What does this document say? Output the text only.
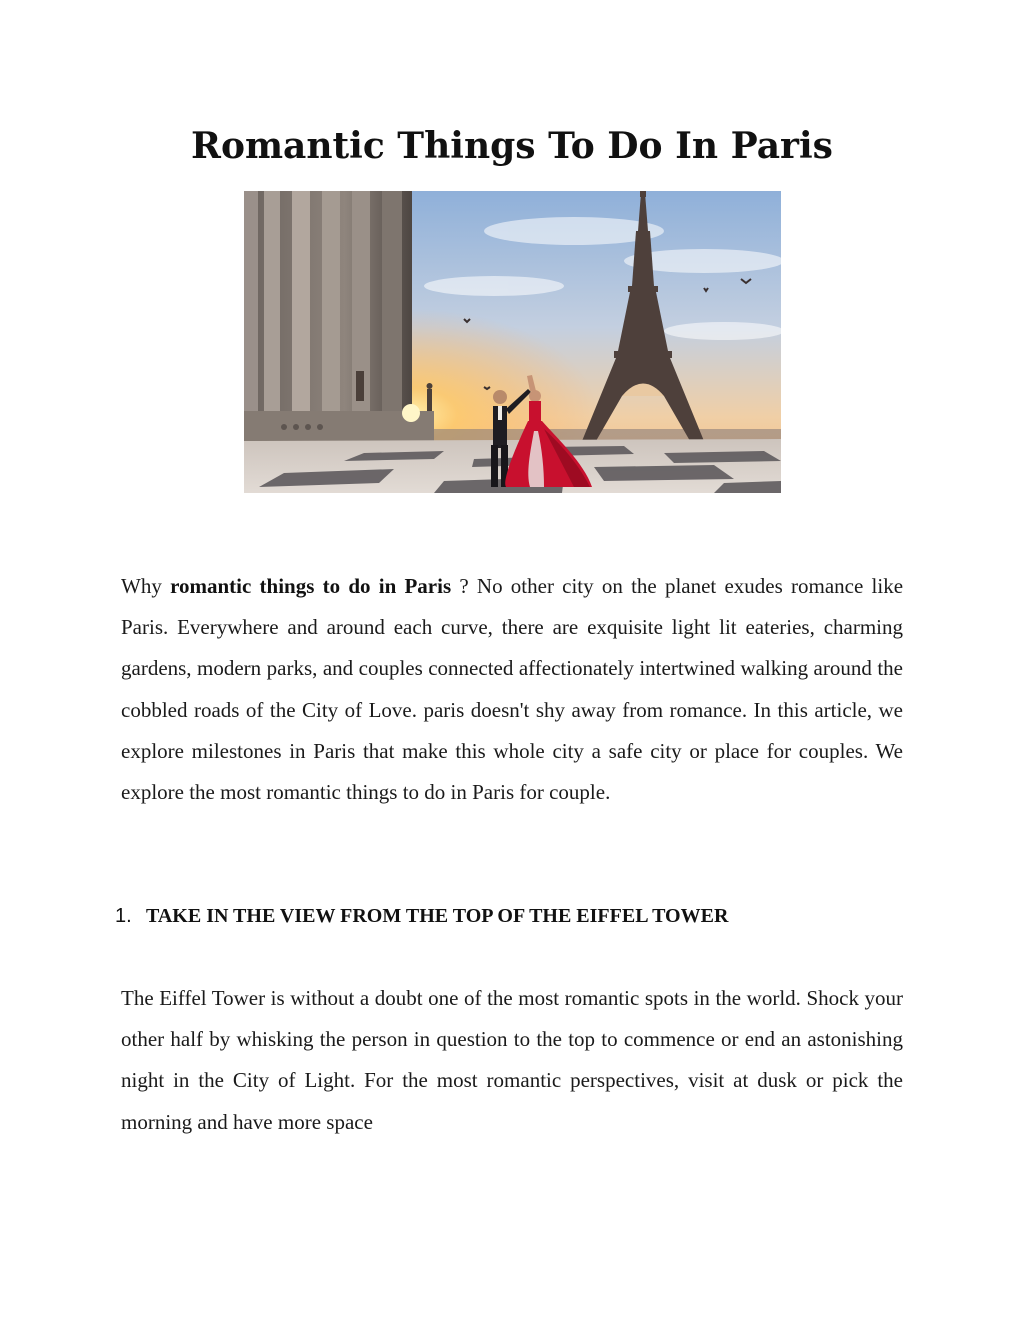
Romantic Things To Do In Paris

Why romantic things to do in Paris ? No other city on the planet exudes romance like Paris. Everywhere and around each curve, there are exquisite light lit eateries, charming gardens, modern parks, and couples connected affectionately intertwined walking around the cobbled roads of the City of Love. paris doesn't shy away from romance. In this article, we explore milestones in Paris that make this whole city a safe city or place for couples. We explore the most romantic things to do in Paris for couple.

1. TAKE IN THE VIEW FROM THE TOP OF THE EIFFEL TOWER

The Eiffel Tower is without a doubt one of the most romantic spots in the world. Shock your other half by whisking the person in question to the top to commence or end an astonishing night in the City of Light. For the most romantic perspectives, visit at dusk or pick the morning and have more space
